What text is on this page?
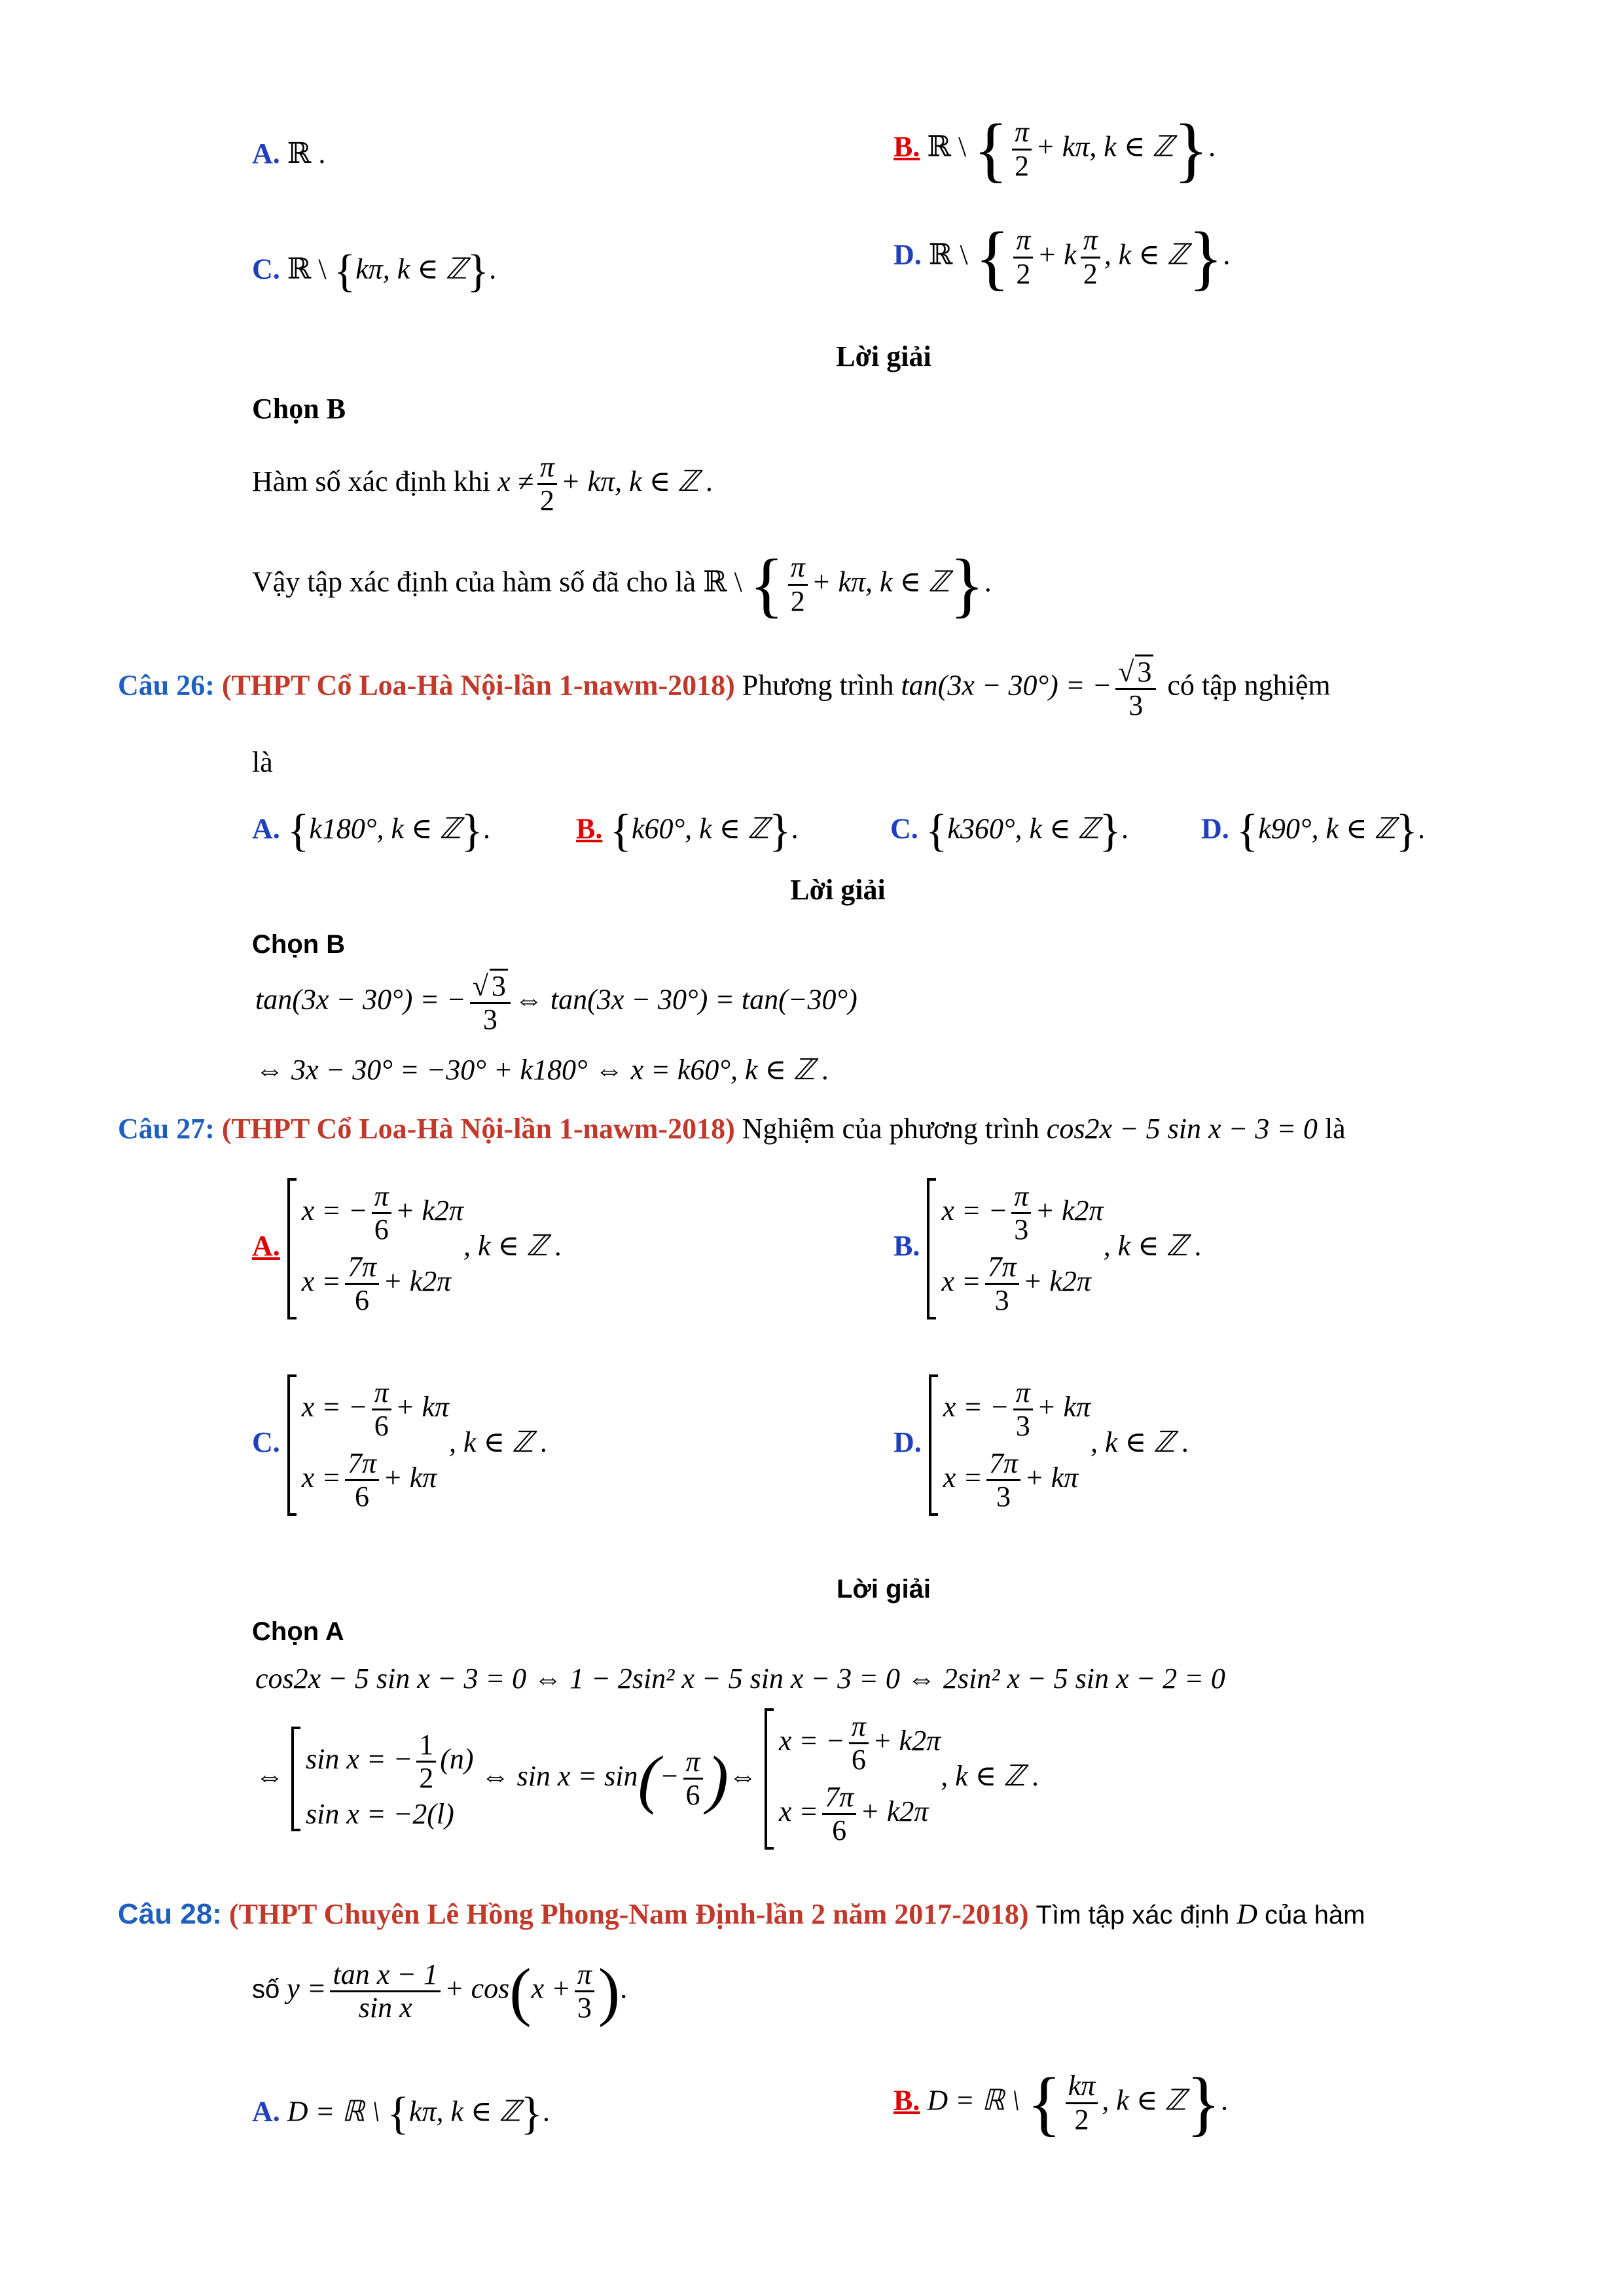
A. ℝ .	B. ℝ \ { $\frac{\pi}{2} + k\pi$, k ∈ ℤ}.
C. ℝ \ {kπ, k ∈ ℤ}.	D. ℝ \ { $\frac{\pi}{2} + k \frac{\pi}{2}$ , k ∈ ℤ}.
Lời giải
Chọn B
Hàm số xác định khi $x \ne \frac{\pi}{2} + k\pi$, k ∈ ℤ .
Vậy tập xác định của hàm số đã cho là ℝ \ { $\frac{\pi}{2} + k\pi$, k ∈ ℤ}.
Câu 26: (THPT Cổ Loa-Hà Nội-lần 1-nawm-2018) Phương trình tan(3x − 30°) = − $\frac{√ 3}{3}$ có tập nghiệm
là
A. {k180°, k ∈ ℤ}.	B. {k60°, k ∈ ℤ}.	C. {k360°, k ∈ ℤ}.	D. {k90°, k ∈ ℤ}.
Lời giải
Chọn B
tan(3x − 30°) = − $\frac{√ 3}{3}$ ⇔ tan(3x − 30°) = tan(−30°)
⇔ 3x − 30° = −30° + k180° ⇔ x = k60°, k ∈ ℤ .
Câu 27: (THPT Cổ Loa-Hà Nội-lần 1-nawm-2018) Nghiệm của phương trình cos2x − 5 sin x − 3 = 0 là
A.
x = − $\frac{\pi}{6} + k2\pi$
$x = \frac{7\pi}{6} + k2\pi$
, k ∈ ℤ .	B.
x = − $\frac{\pi}{3} + k2\pi$
$x = \frac{7\pi}{3} + k2\pi$
, k ∈ ℤ .
C.
x = − $\frac{\pi}{6} + k\pi$
$x = \frac{7\pi}{6} + k\pi$
, k ∈ ℤ .	D.
x = − $\frac{\pi}{3} + k\pi$
$x = \frac{7\pi}{3} + k\pi$
, k ∈ ℤ .
Lời giải
Chọn A
cos2x − 5 sin x − 3 = 0 ⇔ 1 − 2sin² x − 5 sin x − 3 = 0 ⇔ 2sin² x − 5 sin x − 2 = 0
⇔
sin x = − $\frac{1}{2} (n)$
sin x = −2(l)
⇔ $\sin x = \sin(- \frac{\pi}{6}$ )⇔
x = − $\frac{\pi}{6} + k2\pi$
$x = \frac{7\pi}{6} + k2\pi$
, k ∈ ℤ .
Câu 28: (THPT Chuyên Lê Hồng Phong-Nam Định-lần 2 năm 2017-2018) Tìm tập xác định D của hàm
số $y = \frac{\text{tan x − 1}}{\text{sin x}} + \cos(x + \frac{\pi}{3}$ ).
A. D = ℝ \ {kπ, k ∈ ℤ}.	B. D = ℝ \ { $\frac{k\pi}{2}$ , k ∈ ℤ}.
